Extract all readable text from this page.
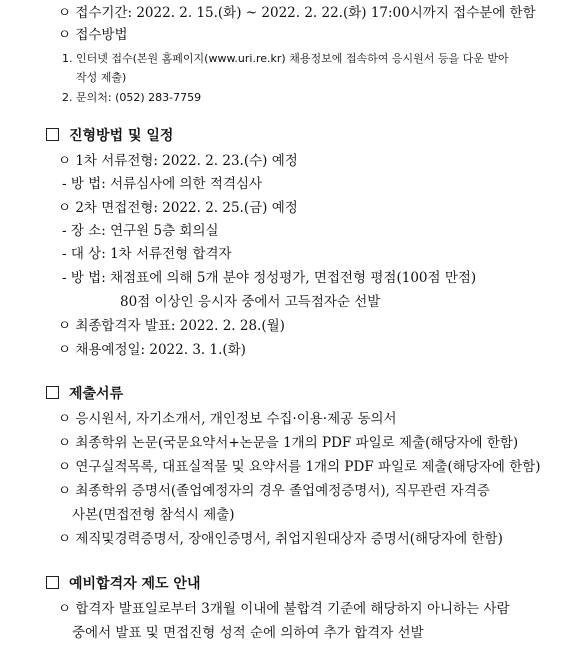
ㅇ 접수기간: 2022. 2. 15.(화) ~ 2022. 2. 22.(화) 17:00시까지 접수분에 한함
ㅇ 접수방법
1. 인터넷 접수(본원 홈페이지(www.uri.re.kr) 채용정보에 접속하여 응시원서 등을 다운 받아
작성 제출)
2. 문의처: (052) 283-7759
진형방법 및 일정
ㅇ 1차 서류전형: 2022. 2. 23.(수) 예정
- 방 법: 서류심사에 의한 적격심사
ㅇ 2차 면접전형: 2022. 2. 25.(금) 예정
- 장 소: 연구원 5층 회의실
- 대 상: 1차 서류전형 합격자
- 방 법: 채점표에 의해 5개 분야 정성평가, 면접전형 평점(100점 만점)
80점 이상인 응시자 중에서 고득점자순 선발
ㅇ 최종합격자 발표: 2022. 2. 28.(월)
ㅇ 채용예정일: 2022. 3. 1.(화)
제출서류
ㅇ 응시원서, 자기소개서, 개인정보 수집·이용·제공 동의서
ㅇ 최종학위 논문(국문요약서+논문을 1개의 PDF 파일로 제출(해당자에 한함)
ㅇ 연구실적목록, 대표실적물 및 요약서를 1개의 PDF 파일로 제출(해당자에 한함)
ㅇ 최종학위 증명서(졸업예정자의 경우 졸업예정증명서), 직무관련 자격증
사본(면접전형 참석시 제출)
ㅇ 제직및경력증명서, 장애인증명서, 취업지원대상자 증명서(해당자에 한함)
예비합격자 제도 안내
ㅇ 합격자 발표일로부터 3개월 이내에 불합격 기준에 해당하지 아니하는 사람
중에서 발표 및 면접진형 성적 순에 의하여 추가 합격자 선발
